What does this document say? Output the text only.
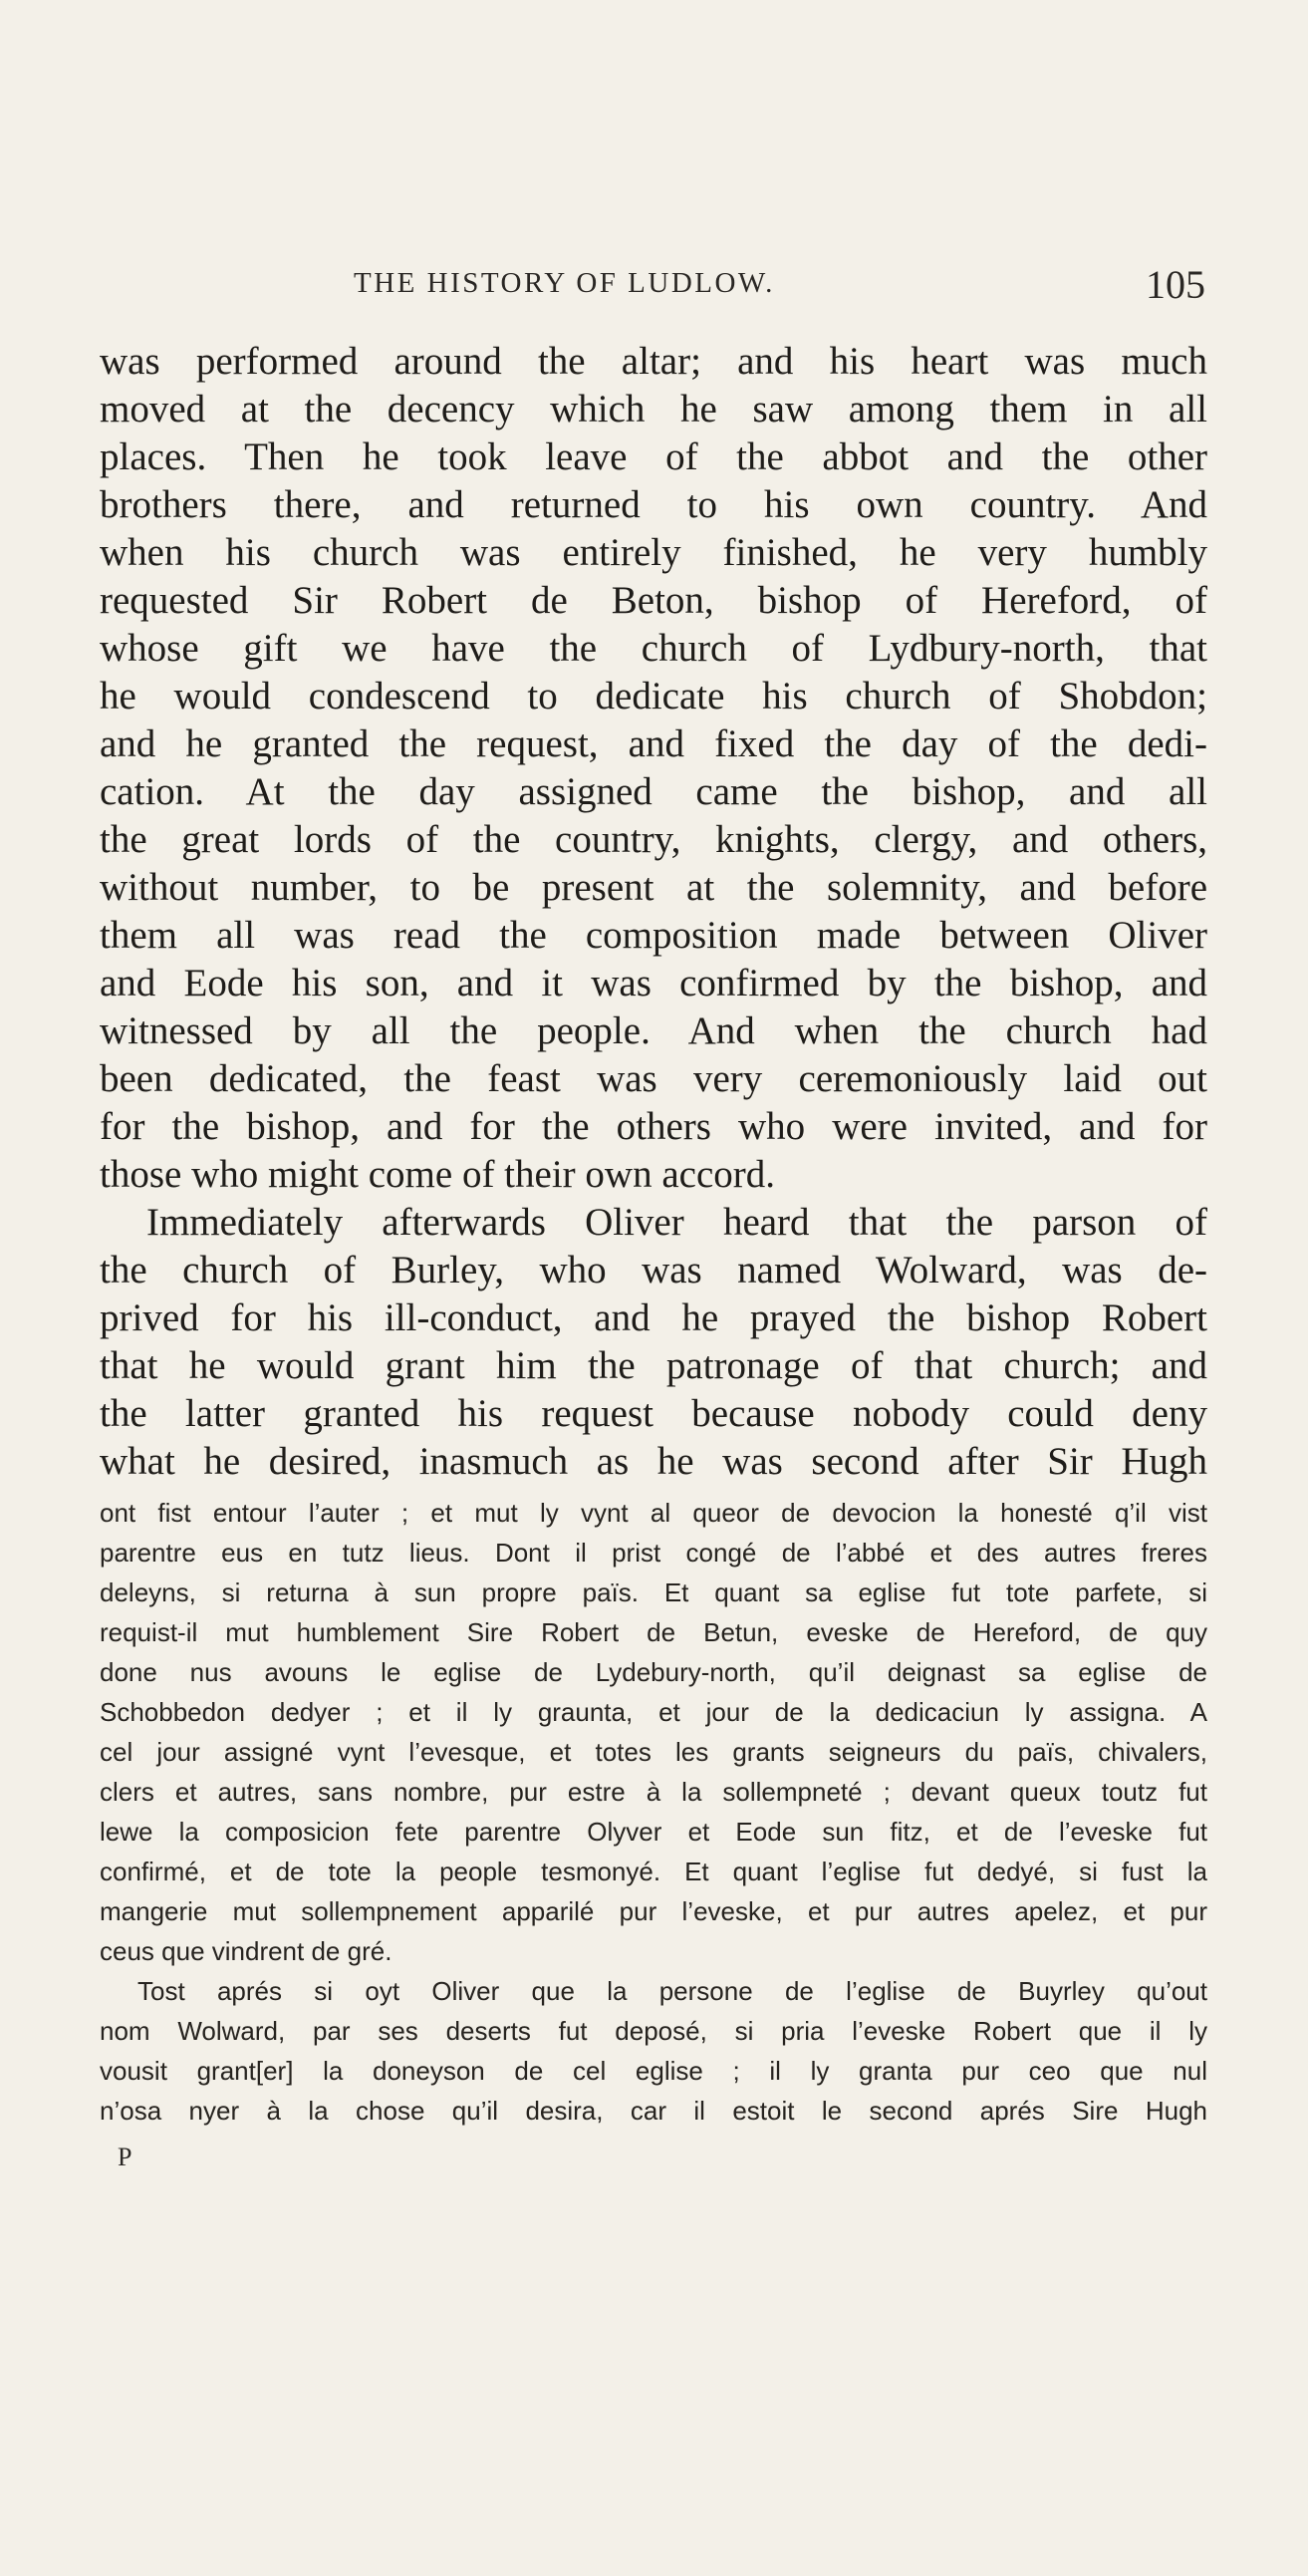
THE HISTORY OF LUDLOW.	105
was performed around the altar; and his heart was much
moved at the decency which he saw among them in all
places. Then he took leave of the abbot and the other
brothers there, and returned to his own country. And
when his church was entirely finished, he very humbly
requested Sir Robert de Beton, bishop of Hereford, of
whose gift we have the church of Lydbury-north, that
he would condescend to dedicate his church of Shobdon;
and he granted the request, and fixed the day of the dedi-
cation. At the day assigned came the bishop, and all
the great lords of the country, knights, clergy, and others,
without number, to be present at the solemnity, and before
them all was read the composition made between Oliver
and Eode his son, and it was confirmed by the bishop, and
witnessed by all the people. And when the church had
been dedicated, the feast was very ceremoniously laid out
for the bishop, and for the others who were invited, and for
those who might come of their own accord.
Immediately afterwards Oliver heard that the parson of
the church of Burley, who was named Wolward, was de-
prived for his ill-conduct, and he prayed the bishop Robert
that he would grant him the patronage of that church; and
the latter granted his request because nobody could deny
what he desired, inasmuch as he was second after Sir Hugh
ont fist entour l’auter ; et mut ly vynt al queor de devocion la honesté q’il vist
parentre eus en tutz lieus. Dont il prist congé de l’abbé et des autres freres
deleyns, si returna à sun propre païs. Et quant sa eglise fut tote parfete, si
requist-il mut humblement Sire Robert de Betun, eveske de Hereford, de quy
done nus avouns le eglise de Lydebury-north, qu’il deignast sa eglise de
Schobbedon dedyer ; et il ly graunta, et jour de la dedicaciun ly assigna. A
cel jour assigné vynt l’evesque, et totes les grants seigneurs du païs, chivalers,
clers et autres, sans nombre, pur estre à la sollempneté ; devant queux toutz fut
lewe la composicion fete parentre Olyver et Eode sun fitz, et de l’eveske fut
confirmé, et de tote la people tesmonyé. Et quant l’eglise fut dedyé, si fust la
mangerie mut sollempnement apparilé pur l’eveske, et pur autres apelez, et pur
ceus que vindrent de gré.
Tost aprés si oyt Oliver que la persone de l’eglise de Buyrley qu’out
nom Wolward, par ses deserts fut deposé, si pria l’eveske Robert que il ly
vousit grant[er] la doneyson de cel eglise ; il ly granta pur ceo que nul
n’osa nyer à la chose qu’il desira, car il estoit le second aprés Sire Hugh
P
